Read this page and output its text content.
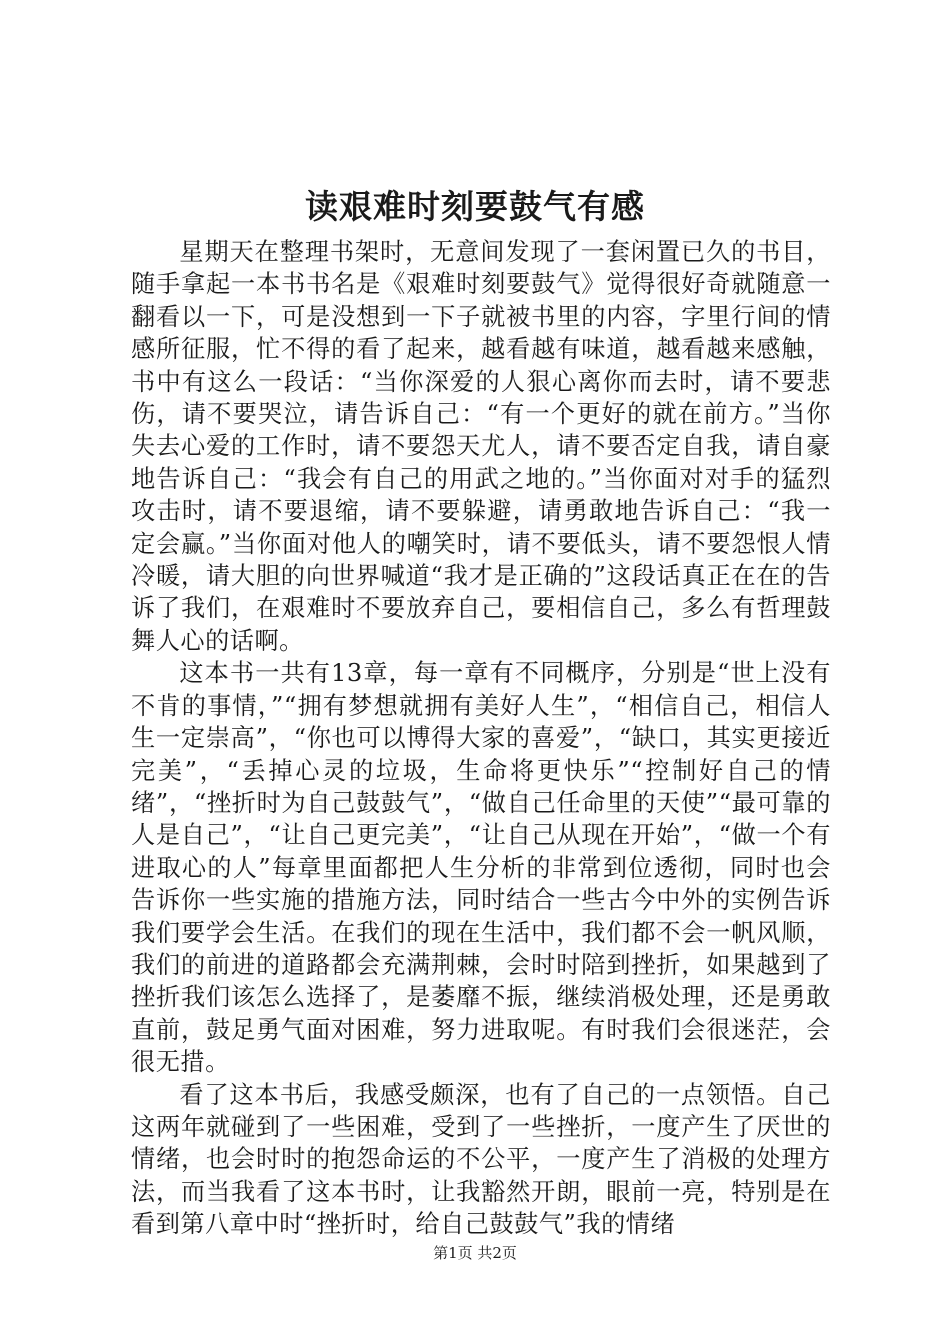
读艰难时刻要鼓气有感

星期天在整理书架时，无意间发现了一套闲置已久的书目，随手拿起一本书书名是《艰难时刻要鼓气》觉得很好奇就随意一翻看以一下，可是没想到一下子就被书里的内容，字里行间的情感所征服，忙不得的看了起来，越看越有味道，越看越来感触，书中有这么一段话：“当你深爱的人狠心离你而去时，请不要悲伤，请不要哭泣，请告诉自己：“有一个更好的就在前方。”当你失去心爱的工作时，请不要怨天尤人，请不要否定自我，请自豪地告诉自己：“我会有自己的用武之地的。”当你面对对手的猛烈攻击时，请不要退缩，请不要躲避，请勇敢地告诉自己：“我一定会赢。”当你面对他人的嘲笑时，请不要低头，请不要怨恨人情冷暖，请大胆的向世界喊道“我才是正确的”这段话真正在在的告诉了我们，在艰难时不要放弃自己，要相信自己，多么有哲理鼓舞人心的话啊。

这本书一共有13章，每一章有不同概序，分别是“世上没有不肯的事情，”“拥有梦想就拥有美好人生”，“相信自己，相信人生一定崇高”，“你也可以博得大家的喜爱”，“缺口，其实更接近完美”，“丢掉心灵的垃圾，生命将更快乐”“控制好自己的情绪”，“挫折时为自己鼓鼓气”，“做自己任命里的天使”“最可靠的人是自己”，“让自己更完美”，“让自己从现在开始”，“做一个有进取心的人”每章里面都把人生分析的非常到位透彻，同时也会告诉你一些实施的措施方法，同时结合一些古今中外的实例告诉我们要学会生活。在我们的现在生活中，我们都不会一帆风顺，我们的前进的道路都会充满荆棘，会时时陪到挫折，如果越到了挫折我们该怎么选择了，是萎靡不振，继续消极处理，还是勇敢直前，鼓足勇气面对困难，努力进取呢。有时我们会很迷茫，会很无措。

看了这本书后，我感受颇深，也有了自己的一点领悟。自己这两年就碰到了一些困难，受到了一些挫折，一度产生了厌世的情绪，也会时时的抱怨命运的不公平，一度产生了消极的处理方法，而当我看了这本书时，让我豁然开朗，眼前一亮，特别是在看到第八章中时“挫折时，给自己鼓鼓气”我的情绪

第1页 共2页
